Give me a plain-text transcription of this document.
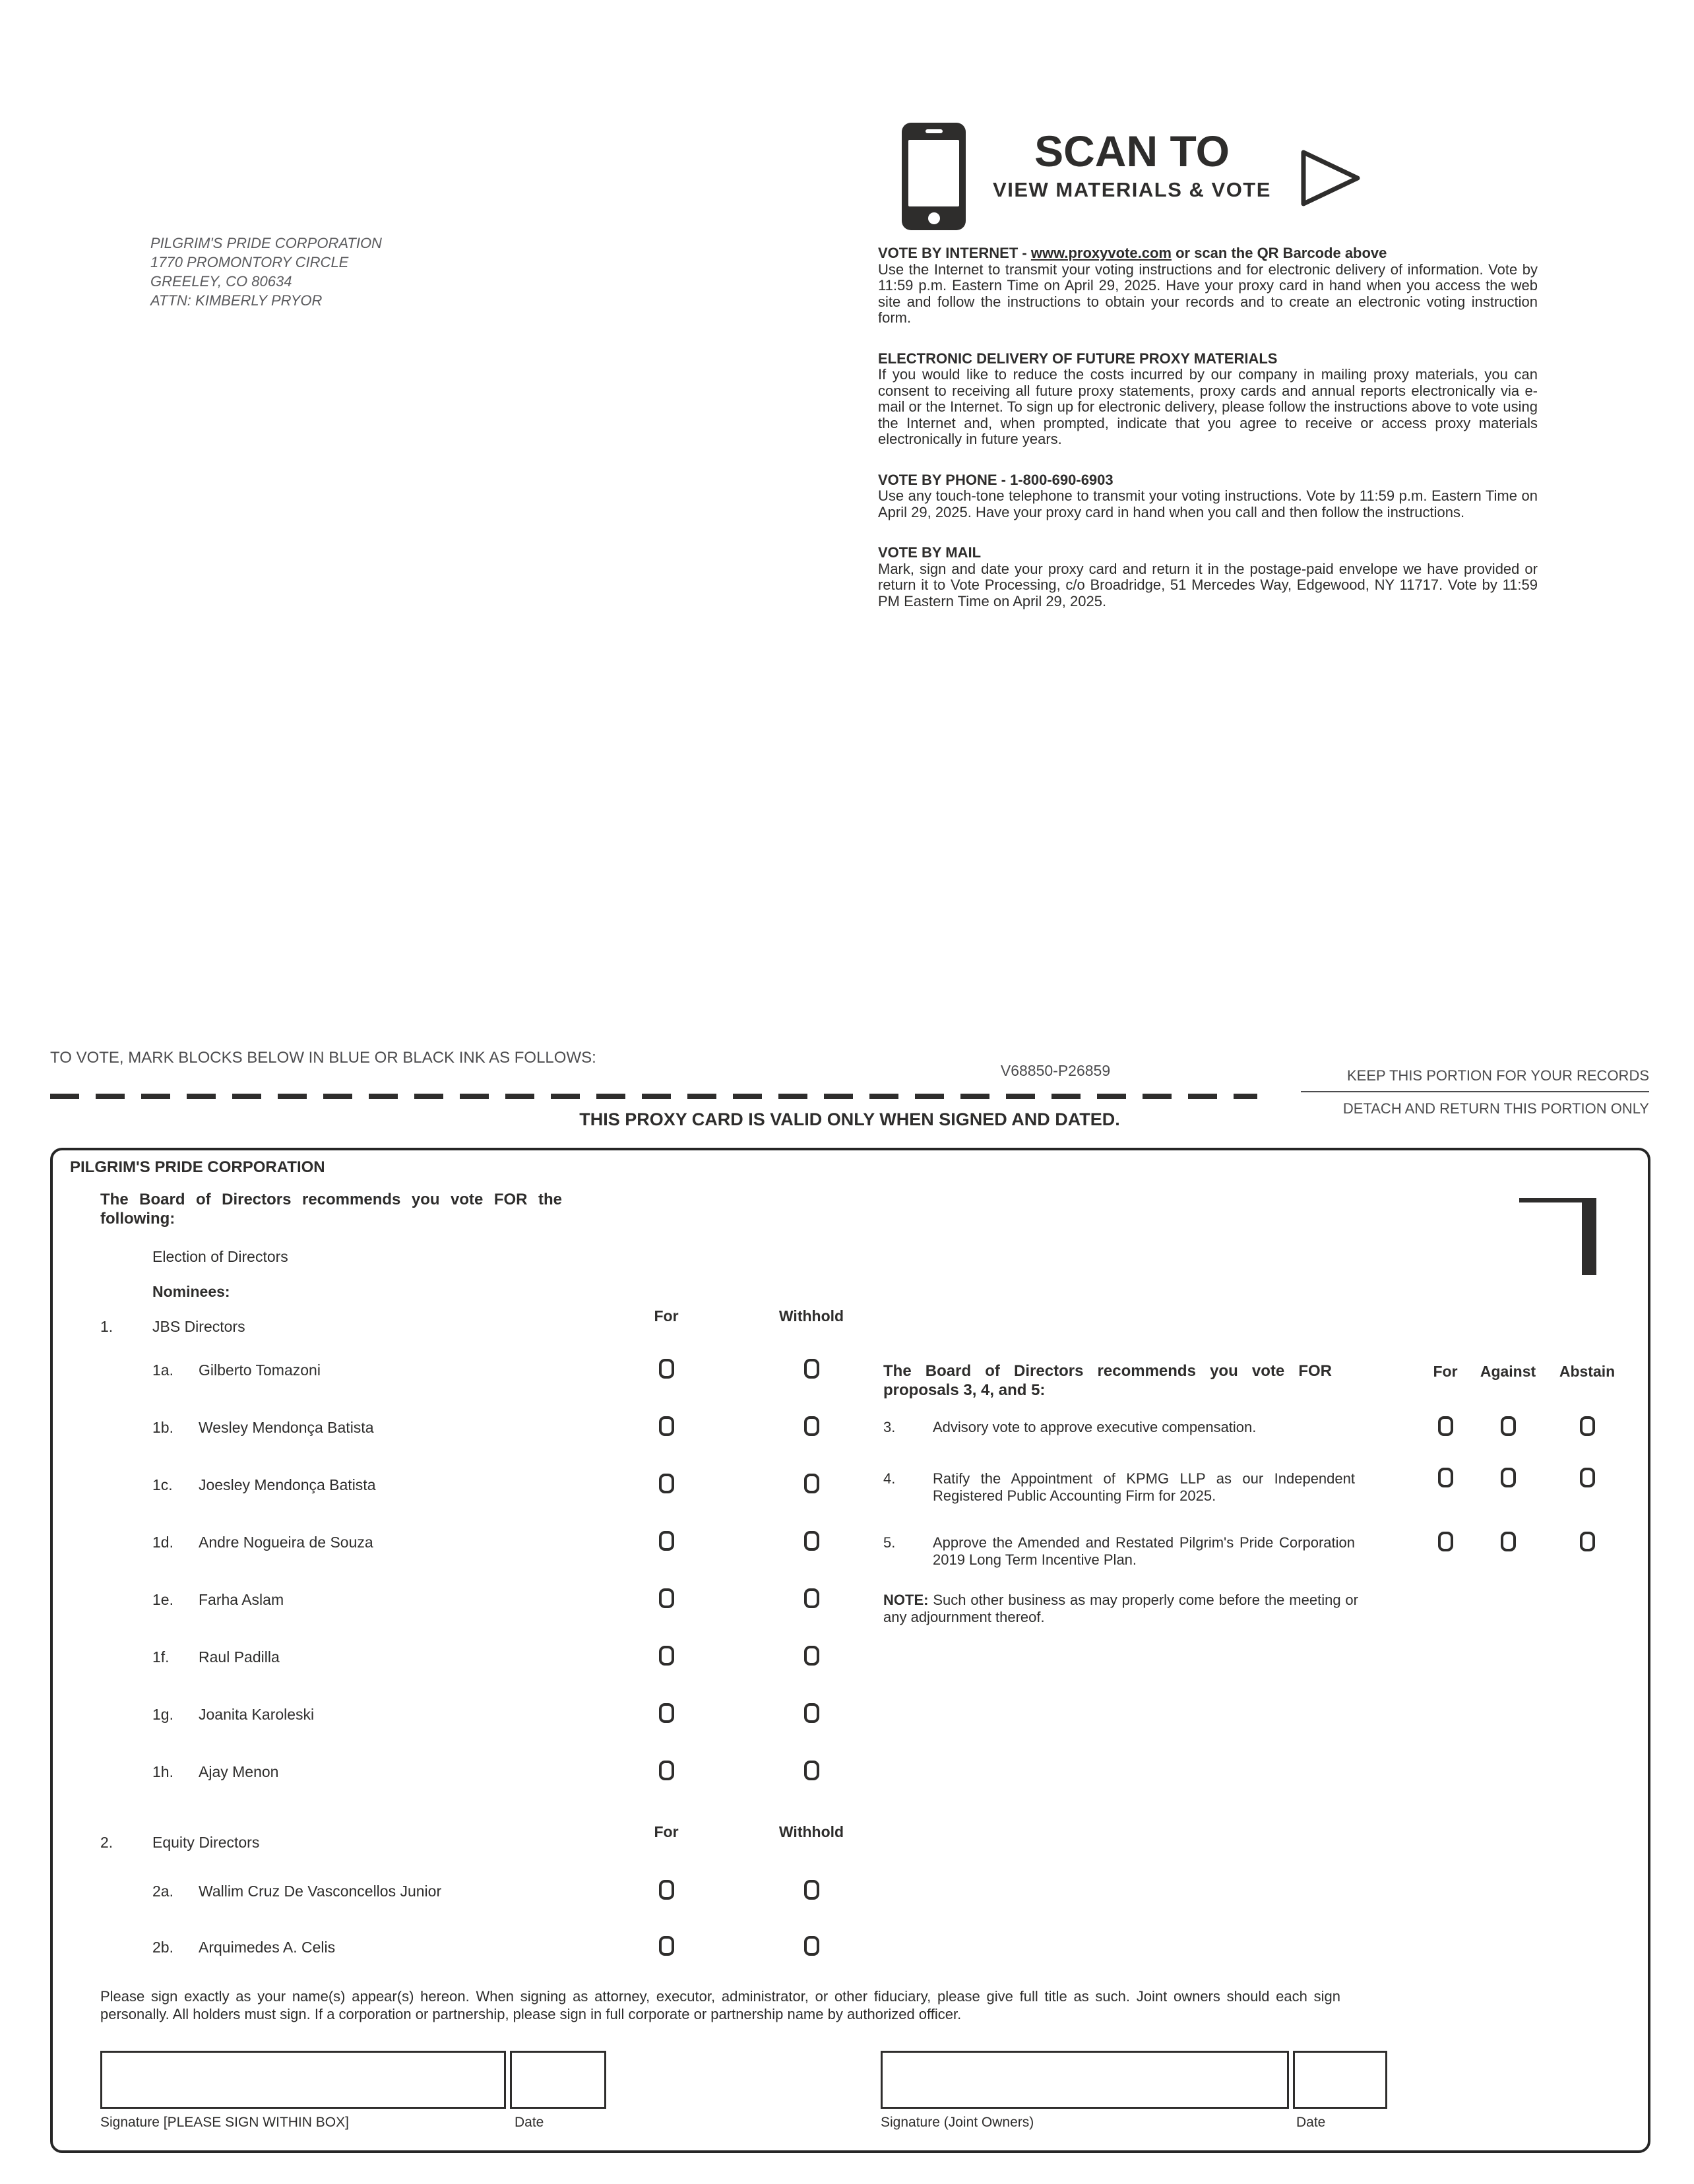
PILGRIM'S PRIDE CORPORATION
1770 PROMONTORY CIRCLE
GREELEY, CO 80634
ATTN: KIMBERLY PRYOR
SCAN TO
VIEW MATERIALS & VOTE
VOTE BY INTERNET - www.proxyvote.com or scan the QR Barcode above
Use the Internet to transmit your voting instructions and for electronic delivery of information. Vote by 11:59 p.m. Eastern Time on April 29, 2025. Have your proxy card in hand when you access the web site and follow the instructions to obtain your records and to create an electronic voting instruction form.
ELECTRONIC DELIVERY OF FUTURE PROXY MATERIALS
If you would like to reduce the costs incurred by our company in mailing proxy materials, you can consent to receiving all future proxy statements, proxy cards and annual reports electronically via e-mail or the Internet. To sign up for electronic delivery, please follow the instructions above to vote using the Internet and, when prompted, indicate that you agree to receive or access proxy materials electronically in future years.
VOTE BY PHONE - 1-800-690-6903
Use any touch-tone telephone to transmit your voting instructions. Vote by 11:59 p.m. Eastern Time on April 29, 2025. Have your proxy card in hand when you call and then follow the instructions.
VOTE BY MAIL
Mark, sign and date your proxy card and return it in the postage-paid envelope we have provided or return it to Vote Processing, c/o Broadridge, 51 Mercedes Way, Edgewood, NY 11717. Vote by 11:59 PM Eastern Time on April 29, 2025.
TO VOTE, MARK BLOCKS BELOW IN BLUE OR BLACK INK AS FOLLOWS:
V68850-P26859	KEEP THIS PORTION FOR YOUR RECORDS
DETACH AND RETURN THIS PORTION ONLY
THIS PROXY CARD IS VALID ONLY WHEN SIGNED AND DATED.
PILGRIM'S PRIDE CORPORATION
The Board of Directors recommends you vote FOR the following:
Election of Directors
Nominees:
1.	JBS Directors
For	Withhold
1a. Gilberto Tomazoni
1b. Wesley Mendonça Batista
1c. Joesley Mendonça Batista
1d. Andre Nogueira de Souza
1e. Farha Aslam
1f. Raul Padilla
1g. Joanita Karoleski
1h. Ajay Menon
2.	Equity Directors
For	Withhold
2a. Wallim Cruz De Vasconcellos Junior
2b. Arquimedes A. Celis
The Board of Directors recommends you vote FOR proposals 3, 4, and 5:
For	Against	Abstain
3.	Advisory vote to approve executive compensation.
4.	Ratify the Appointment of KPMG LLP as our Independent Registered Public Accounting Firm for 2025.
5.	Approve the Amended and Restated Pilgrim's Pride Corporation 2019 Long Term Incentive Plan.
NOTE: Such other business as may properly come before the meeting or any adjournment thereof.
Please sign exactly as your name(s) appear(s) hereon. When signing as attorney, executor, administrator, or other fiduciary, please give full title as such. Joint owners should each sign personally. All holders must sign. If a corporation or partnership, please sign in full corporate or partnership name by authorized officer.
Signature [PLEASE SIGN WITHIN BOX]	Date	Signature (Joint Owners)	Date
